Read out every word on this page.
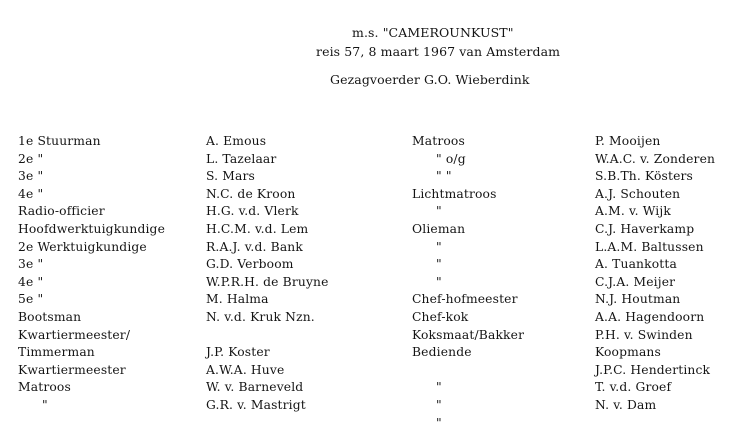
m.s. "CAMEROUNKUST"
reis 57, 8 maart 1967 van Amsterdam
Gezagvoerder G.O. Wieberdink
1e Stuurman
2e "
3e "
4e "
Radio-officier
Hoofdwerktuigkundige
2e Werktuigkundige
3e "
4e "
5e "
Bootsman
Kwartiermeester/
Timmerman
Kwartiermeester
Matroos
"
A. Emous
L. Tazelaar
S. Mars
N.C. de Kroon
H.G. v.d. Vlerk
H.C.M. v.d. Lem
R.A.J. v.d. Bank
G.D. Verboom
W.P.R.H. de Bruyne
M. Halma
N. v.d. Kruk Nzn.
J.P. Koster
A.W.A. Huve
W. v. Barneveld
G.R. v. Mastrigt
Matroos
" o/g
" "
Lichtmatroos
"
Olieman
"
"
"
Chef-hofmeester
Chef-kok
Koksmaat/Bakker
Bediende
"
"
"
P. Mooijen
W.A.C. v. Zonderen
S.B.Th. Kösters
A.J. Schouten
A.M. v. Wijk
C.J. Haverkamp
L.A.M. Baltussen
A. Tuankotta
C.J.A. Meijer
N.J. Houtman
A.A. Hagendoorn
P.H. v. Swinden
Koopmans
J.P.C. Hendertinck
T. v.d. Groef
N. v. Dam
